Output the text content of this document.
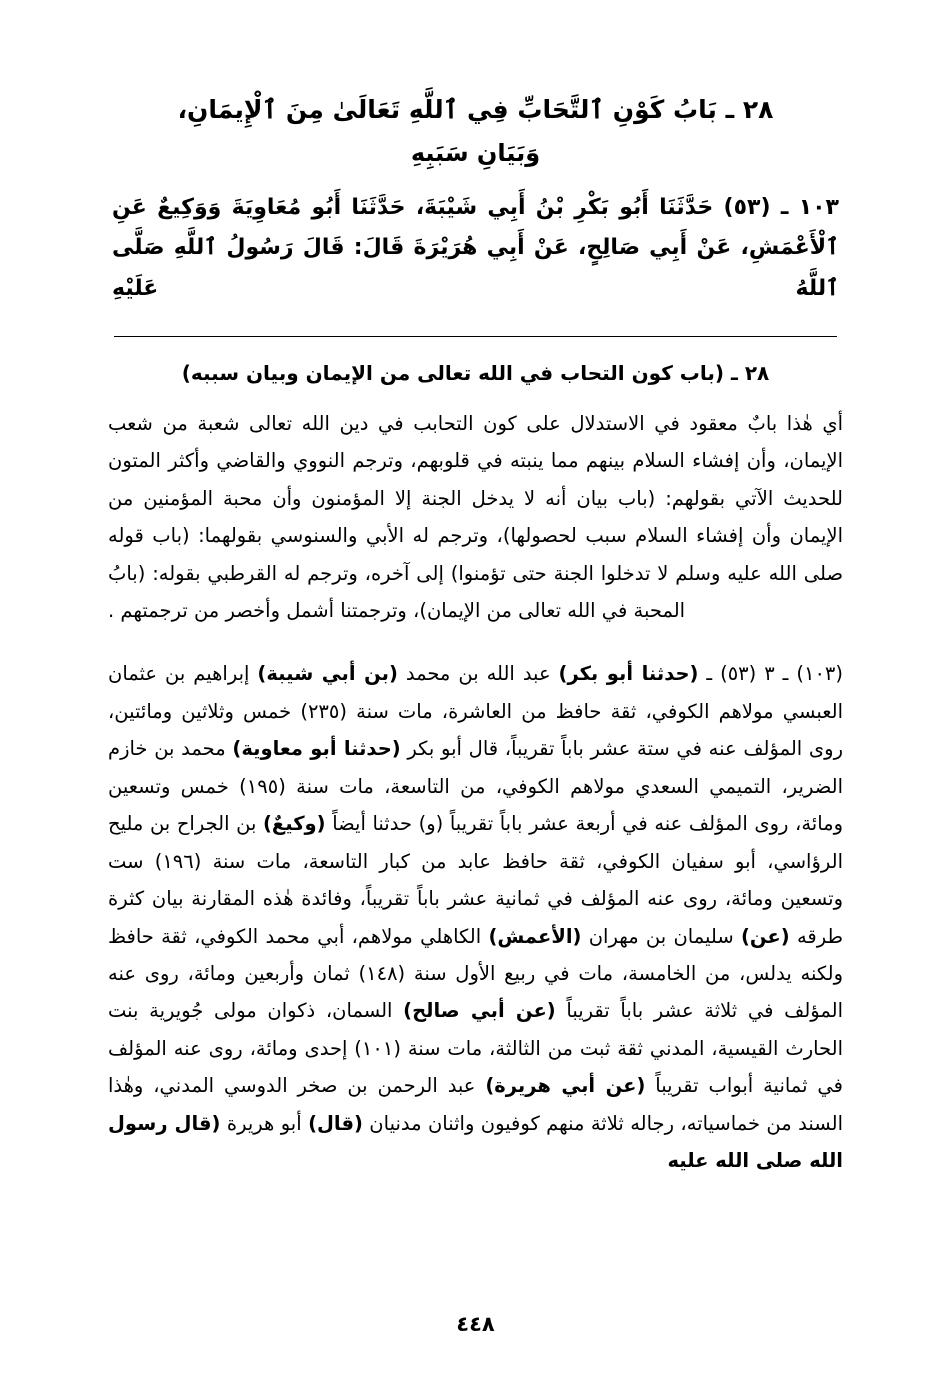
٢٨ ـ بَابُ كَوْنِ ٱلتَّحَابِّ فِي ٱللَّهِ تَعَالَىٰ مِنَ ٱلْإِيمَانِ،
وَبَيَانِ سَبَبِهِ
١٠٣ ـ (٥٣) حَدَّثَنَا أَبُو بَكْرِ بْنُ أَبِي شَيْبَةَ، حَدَّثَنَا أَبُو مُعَاوِيَةَ وَوَكِيعٌ عَنِ
ٱلْأَعْمَشِ، عَنْ أَبِي صَالِحٍ، عَنْ أَبِي هُرَيْرَةَ قَالَ: قَالَ رَسُولُ ٱللَّهِ صَلَّى ٱللَّهُ عَلَيْهِ
٢٨ ـ (باب كون التحاب في الله تعالى من الإيمان وبيان سببه)

أي هٰذا بابٌ معقود في الاستدلال على كون التحابب في دين الله تعالى شعبة من شعب الإيمان، وأن إفشاء السلام بينهم مما ينبته في قلوبهم، وترجم النووي والقاضي وأكثر المتون للحديث الآتي بقولهم: (باب بيان أنه لا يدخل الجنة إلا المؤمنون وأن محبة المؤمنين من الإيمان وأن إفشاء السلام سبب لحصولها)، وترجم له الأبي والسنوسي بقولهما: (باب قوله صلى الله عليه وسلم لا تدخلوا الجنة حتى تؤمنوا) إلى آخره، وترجم له القرطبي بقوله: (بابُ المحبة في الله تعالى من الإيمان)، وترجمتنا أشمل وأخصر من ترجمتهم .

(١٠٣) ـ ٣ (٥٣) ـ (حدثنا أبو بكر) عبد الله بن محمد (بن أبي شيبة) إبراهيم بن عثمان العبسي مولاهم الكوفي، ثقة حافظ من العاشرة، مات سنة (٢٣٥) خمس وثلاثين ومائتين، روى المؤلف عنه في ستة عشر باباً تقريباً، قال أبو بكر (حدثنا أبو معاوية) محمد بن خازم الضرير، التميمي السعدي مولاهم الكوفي، من التاسعة، مات سنة (١٩٥) خمس وتسعين ومائة، روى المؤلف عنه في أربعة عشر باباً تقريباً (و) حدثنا أيضاً (وكيعٌ) بن الجراح بن مليح الرؤاسي، أبو سفيان الكوفي، ثقة حافظ عابد من كبار التاسعة، مات سنة (١٩٦) ست وتسعين ومائة، روى عنه المؤلف في ثمانية عشر باباً تقريباً، وفائدة هٰذه المقارنة بيان كثرة طرقه (عن) سليمان بن مهران (الأعمش) الكاهلي مولاهم، أبي محمد الكوفي، ثقة حافظ ولكنه يدلس، من الخامسة، مات في ربيع الأول سنة (١٤٨) ثمان وأربعين ومائة، روى عنه المؤلف في ثلاثة عشر باباً تقريباً (عن أبي صالح) السمان، ذكوان مولى جُويرية بنت الحارث القيسية، المدني ثقة ثبت من الثالثة، مات سنة (١٠١) إحدى ومائة، روى عنه المؤلف في ثمانية أبواب تقريباً (عن أبي هريرة) عبد الرحمن بن صخر الدوسي المدني، وهٰذا السند من خماسياته، رجاله ثلاثة منهم كوفيون واثنان مدنيان (قال) أبو هريرة (قال رسول الله صلى الله عليه

٤٤٨
